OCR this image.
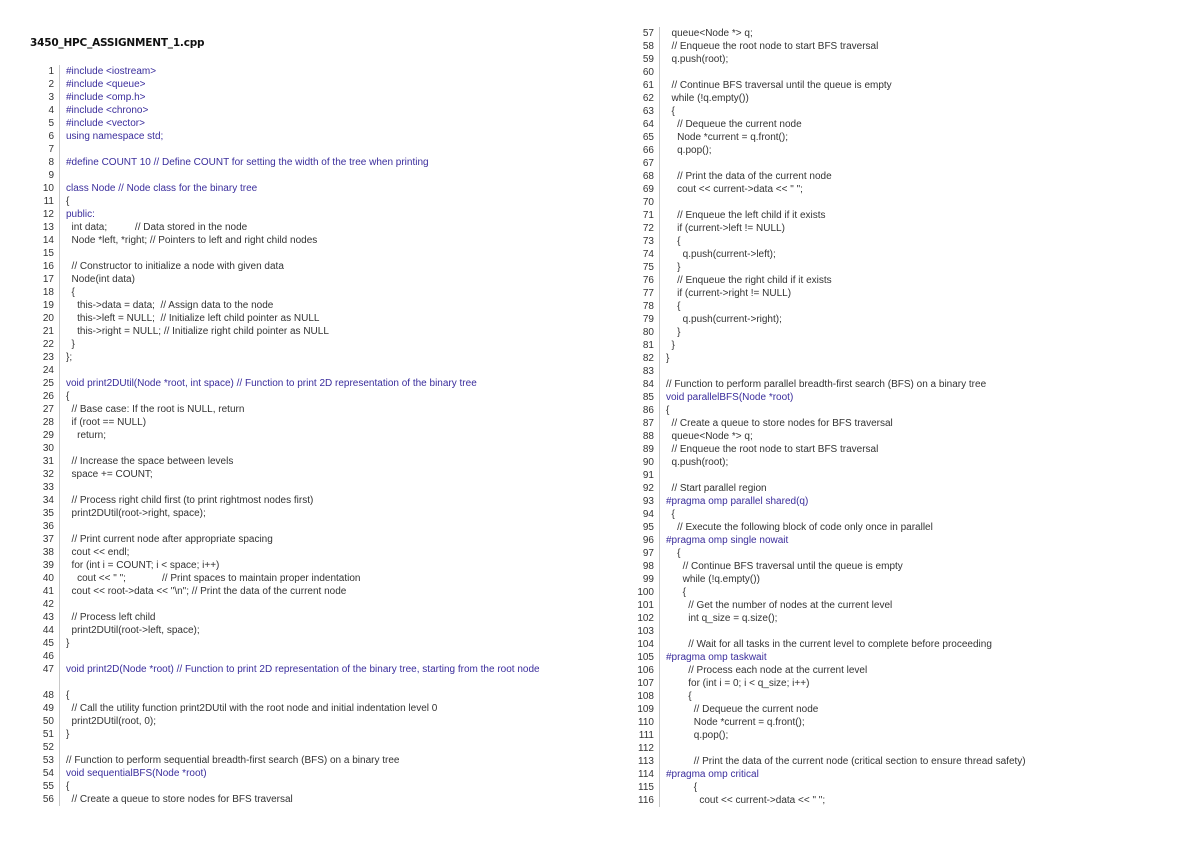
3450_HPC_ASSIGNMENT_1.cpp
1 #include <iostream>
2 #include <queue>
3 #include <omp.h>
4 #include <chrono>
5 #include <vector>
6 using namespace std;
7
8 #define COUNT 10 // Define COUNT for setting the width of the tree when printing
9
10 class Node // Node class for the binary tree
11 {
12 public:
13 int data;          // Data stored in the node
14 Node *left, *right; // Pointers to left and right child nodes
15
16 // Constructor to initialize a node with given data
17 Node(int data)
18 {
19 this->data = data;  // Assign data to the node
20 this->left = NULL;  // Initialize left child pointer as NULL
21 this->right = NULL; // Initialize right child pointer as NULL
22 }
23 };
24
25 void print2DUtil(Node *root, int space) // Function to print 2D representation of the binary tree
26 {
27 // Base case: If the root is NULL, return
28 if (root == NULL)
29 return;
30
31 // Increase the space between levels
32 space += COUNT;
33
34 // Process right child first (to print rightmost nodes first)
35 print2DUtil(root->right, space);
36
37 // Print current node after appropriate spacing
38 cout << endl;
39 for (int i = COUNT; i < space; i++)
40 cout << " ";             // Print spaces to maintain proper indentation
41 cout << root->data << "\n"; // Print the data of the current node
42
43 // Process left child
44 print2DUtil(root->left, space);
45 }
46
47 void print2D(Node *root) // Function to print 2D representation of the binary tree, starting from the root node
48 {
49 // Call the utility function print2DUtil with the root node and initial indentation level 0
50 print2DUtil(root, 0);
51 }
52
53 // Function to perform sequential breadth-first search (BFS) on a binary tree
54 void sequentialBFS(Node *root)
55 {
56 // Create a queue to store nodes for BFS traversal
57 queue<Node *> q;
58 // Enqueue the root node to start BFS traversal
59 q.push(root);
60
61 // Continue BFS traversal until the queue is empty
62 while (!q.empty())
63 {
64 // Dequeue the current node
65 Node *current = q.front();
66 q.pop();
67
68 // Print the data of the current node
69 cout << current->data << " ";
70
71 // Enqueue the left child if it exists
72 if (current->left != NULL)
73 {
74 q.push(current->left);
75 }
76 // Enqueue the right child if it exists
77 if (current->right != NULL)
78 {
79 q.push(current->right);
80 }
81 }
82 }
83
84 // Function to perform parallel breadth-first search (BFS) on a binary tree
85 void parallelBFS(Node *root)
86 {
87 // Create a queue to store nodes for BFS traversal
88 queue<Node *> q;
89 // Enqueue the root node to start BFS traversal
90 q.push(root);
91
92 // Start parallel region
93 #pragma omp parallel shared(q)
94 {
95 // Execute the following block of code only once in parallel
96 #pragma omp single nowait
97 {
98 // Continue BFS traversal until the queue is empty
99 while (!q.empty())
100 {
101 // Get the number of nodes at the current level
102 int q_size = q.size();
103
104 // Wait for all tasks in the current level to complete before proceeding
105 #pragma omp taskwait
106 // Process each node at the current level
107 for (int i = 0; i < q_size; i++)
108 {
109 // Dequeue the current node
110 Node *current = q.front();
111 q.pop();
112
113 // Print the data of the current node (critical section to ensure thread safety)
114 #pragma omp critical
115 {
116 cout << current->data << " ";
